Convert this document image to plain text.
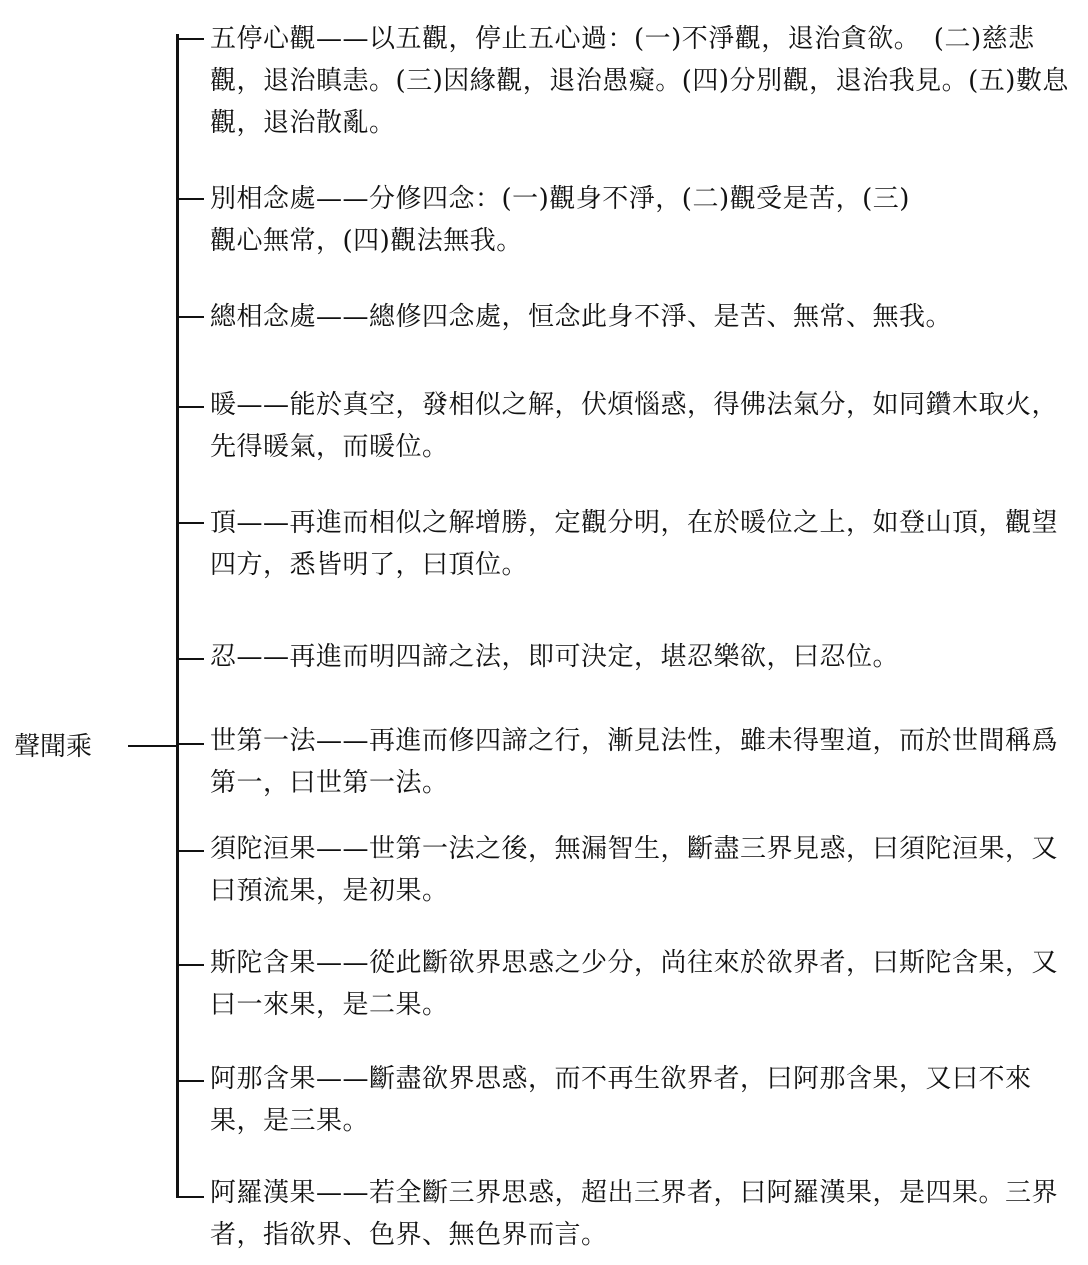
聲聞乘
五停心觀——以五觀，停止五心過：(一)不淨觀，退治貪欲。　(二)慈悲觀，退治瞋恚。(三)因緣觀，退治愚癡。(四)分別觀，退治我見。(五)數息觀，退治散亂。
別相念處——分修四念：(一)觀身不淨，(二)觀受是苦，(三)觀心無常，(四)觀法無我。
總相念處——總修四念處，恒念此身不淨、是苦、無常、無我。
暖——能於真空，發相似之解，伏煩惱惑，得佛法氣分，如同鑽木取火，先得暖氣，而暖位。
頂——再進而相似之解增勝，定觀分明，在於暖位之上，如登山頂，觀望四方，悉皆明了，曰頂位。
忍——再進而明四諦之法，即可決定，堪忍樂欲，曰忍位。
世第一法——再進而修四諦之行，漸見法性，雖未得聖道，而於世間稱爲第一，曰世第一法。
須陀洹果——世第一法之後，無漏智生，斷盡三界見惑，曰須陀洹果，又曰預流果，是初果。
斯陀含果——從此斷欲界思惑之少分，尚往來於欲界者，曰斯陀含果，又曰一來果，是二果。
阿那含果——斷盡欲界思惑，而不再生欲界者，曰阿那含果，又曰不來果，是三果。
阿羅漢果——若全斷三界思惑，超出三界者，曰阿羅漢果，是四果。三界者，指欲界、色界、無色界而言。
